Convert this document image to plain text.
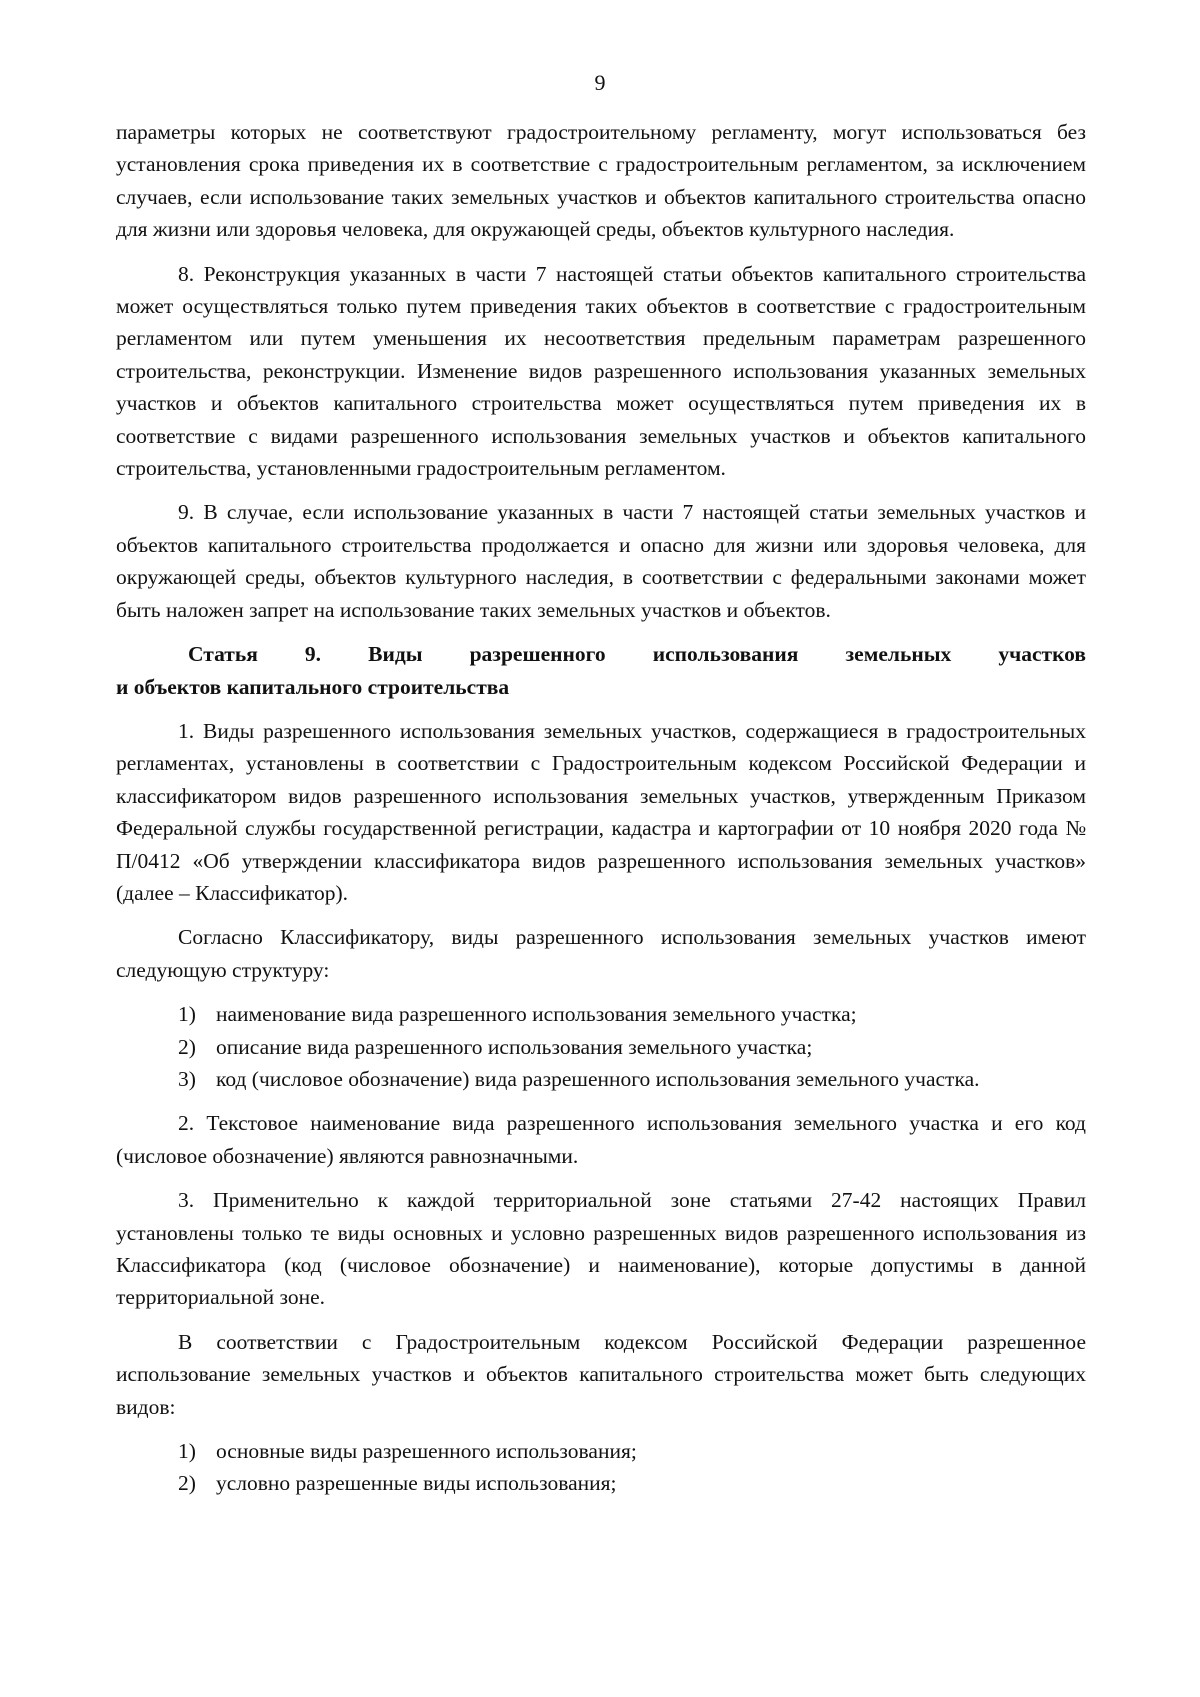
9

параметры которых не соответствуют градостроительному регламенту, могут использоваться без установления срока приведения их в соответствие с градостроительным регламентом, за исключением случаев, если использование таких земельных участков и объектов капитального строительства опасно для жизни или здоровья человека, для окружающей среды, объектов культурного наследия.

8. Реконструкция указанных в части 7 настоящей статьи объектов капитального строительства может осуществляться только путем приведения таких объектов в соответствие с градостроительным регламентом или путем уменьшения их несоответствия предельным параметрам разрешенного строительства, реконструкции. Изменение видов разрешенного использования указанных земельных участков и объектов капитального строительства может осуществляться путем приведения их в соответствие с видами разрешенного использования земельных участков и объектов капитального строительства, установленными градостроительным регламентом.

9. В случае, если использование указанных в части 7 настоящей статьи земельных участков и объектов капитального строительства продолжается и опасно для жизни или здоровья человека, для окружающей среды, объектов культурного наследия, в соответствии с федеральными законами может быть наложен запрет на использование таких земельных участков и объектов.

Статья 9. Виды разрешенного использования земельных участков
и объектов капитального строительства

1. Виды разрешенного использования земельных участков, содержащиеся в градостроительных регламентах, установлены в соответствии с Градостроительным кодексом Российской Федерации и классификатором видов разрешенного использования земельных участков, утвержденным Приказом Федеральной службы государственной регистрации, кадастра и картографии от 10 ноября 2020 года № П/0412 «Об утверждении классификатора видов разрешенного использования земельных участков» (далее – Классификатор).

Согласно Классификатору, виды разрешенного использования земельных участков имеют следующую структуру:

1) наименование вида разрешенного использования земельного участка;
2) описание вида разрешенного использования земельного участка;
3) код (числовое обозначение) вида разрешенного использования земельного участка.

2. Текстовое наименование вида разрешенного использования земельного участка и его код (числовое обозначение) являются равнозначными.

3. Применительно к каждой территориальной зоне статьями 27-42 настоящих Правил установлены только те виды основных и условно разрешенных видов разрешенного использования из Классификатора (код (числовое обозначение) и наименование), которые допустимы в данной территориальной зоне.

В соответствии с Градостроительным кодексом Российской Федерации разрешенное использование земельных участков и объектов капитального строительства может быть следующих видов:

1) основные виды разрешенного использования;
2) условно разрешенные виды использования;
